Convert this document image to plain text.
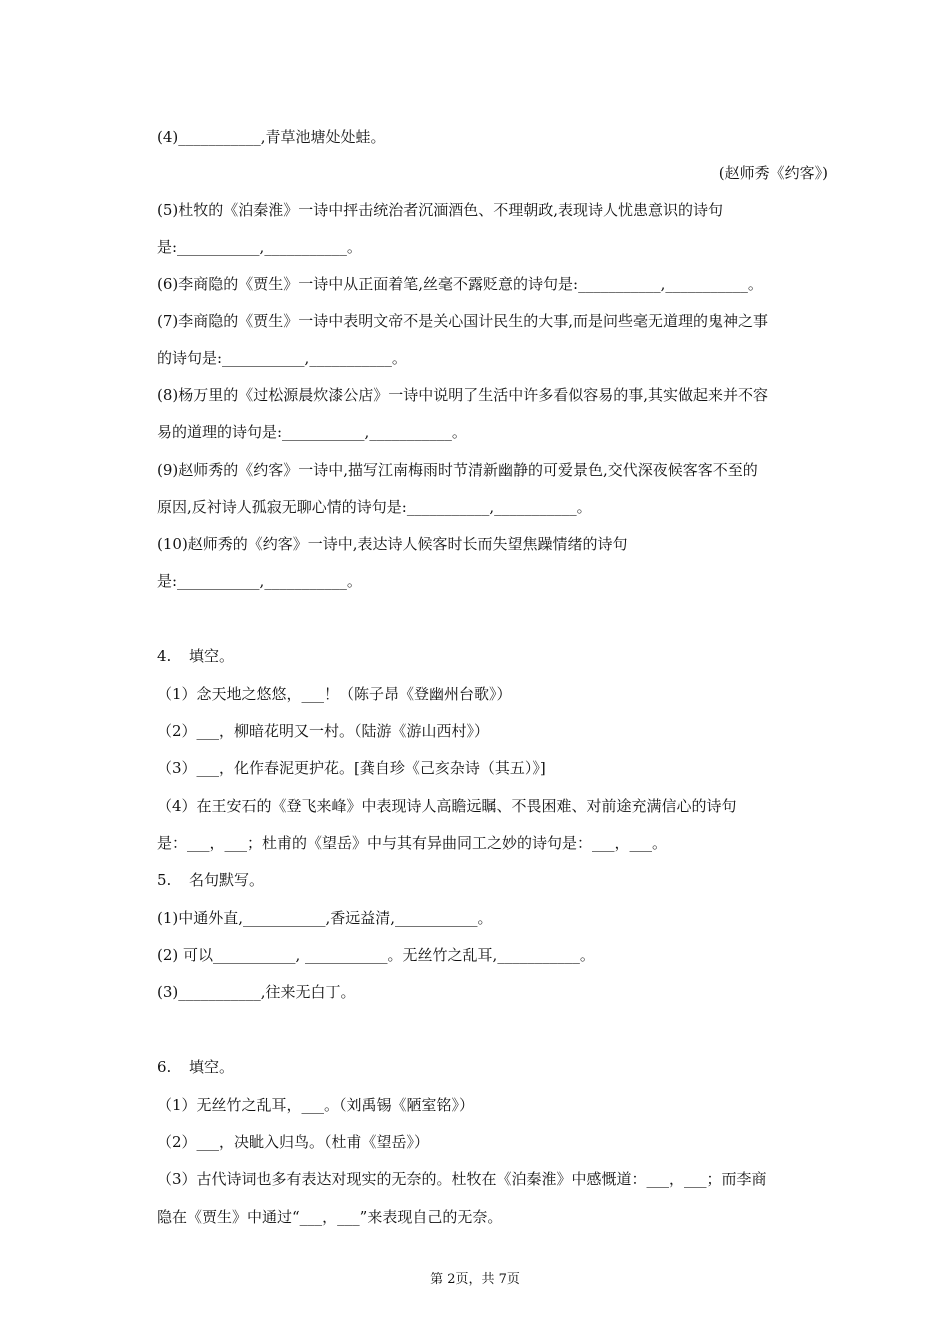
(4)___________,青草池塘处处蛙。
(赵师秀《约客》)
(5)杜牧的《泊秦淮》一诗中抨击统治者沉湎酒色、不理朝政,表现诗人忧患意识的诗句
是:___________,___________。
(6)李商隐的《贾生》一诗中从正面着笔,丝毫不露贬意的诗句是:___________,___________。
(7)李商隐的《贾生》一诗中表明文帝不是关心国计民生的大事,而是问些毫无道理的鬼神之事
的诗句是:___________,___________。
(8)杨万里的《过松源晨炊漆公店》一诗中说明了生活中许多看似容易的事,其实做起来并不容
易的道理的诗句是:___________,___________。
(9)赵师秀的《约客》一诗中,描写江南梅雨时节清新幽静的可爱景色,交代深夜候客客不至的
原因,反衬诗人孤寂无聊心情的诗句是:___________,___________。
(10)赵师秀的《约客》一诗中,表达诗人候客时长而失望焦躁情绪的诗句
是:___________,___________。
4. 填空。
（1）念天地之悠悠，___！（陈子昂《登幽州台歌》）
（2）___，柳暗花明又一村。（陆游《游山西村》）
（3）___，化作春泥更护花。[龚自珍《己亥杂诗（其五）》]
（4）在王安石的《登飞来峰》中表现诗人高瞻远瞩、不畏困难、对前途充满信心的诗句
是：___，___；杜甫的《望岳》中与其有异曲同工之妙的诗句是：___，___。
5. 名句默写。
(1)中通外直,___________,香远益清,___________。
(2) 可以___________, ___________。无丝竹之乱耳,___________。
(3)___________,往来无白丁。
6. 填空。
（1）无丝竹之乱耳，___。（刘禹锡《陋室铭》）
（2）___，决眦入归鸟。（杜甫《望岳》）
（3）古代诗词也多有表达对现实的无奈的。杜牧在《泊秦淮》中感慨道：___，___；而李商
隐在《贾生》中通过“___，___”来表现自己的无奈。
第 2页，共 7页
